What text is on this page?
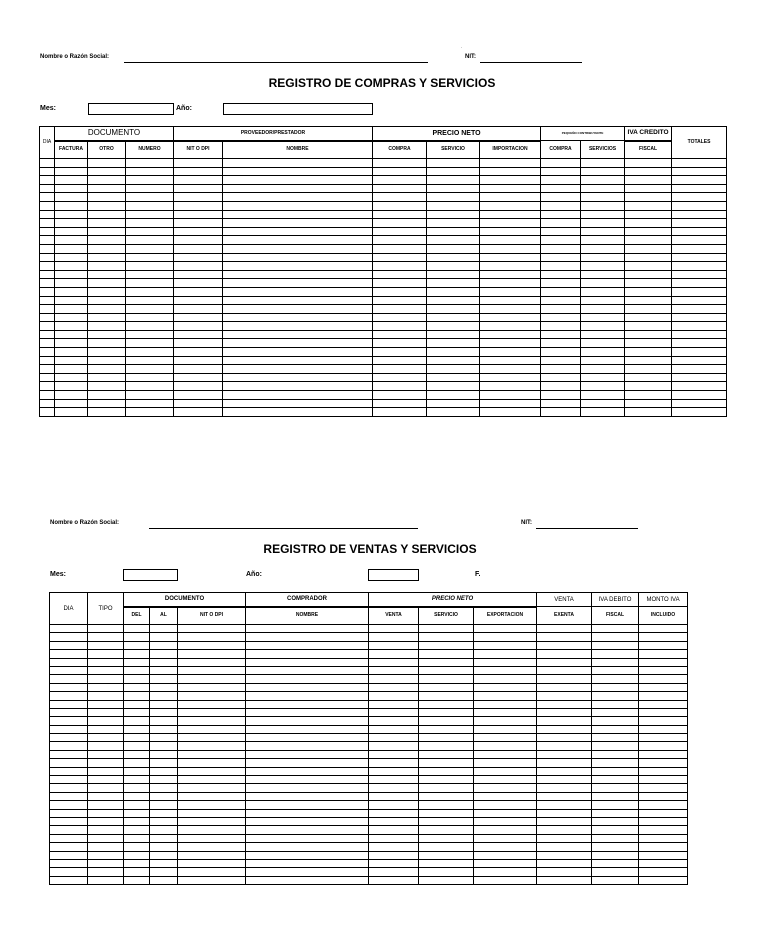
Nombre o Razón Social:
·
NIT:
REGISTRO DE COMPRAS Y SERVICIOS
Mes:	Año:
DIA	DOCUMENTO			PROVEEDOR/PRESTADOR		PRECIO NETO			PEQUEÑO CONTRIBUYENTE		IVA CREDITO	TOTALES
	FACTURA	OTRO	NUMERO	NIT O DPI	NOMBRE	COMPRA	SERVICIO	IMPORTACION	COMPRA	SERVICIOS	FISCAL	

Nombre o Razón Social:	NIT:
REGISTRO DE VENTAS Y SERVICIOS
Mes:	Año:	F.
DIA	TIPO	DOCUMENTO			COMPRADOR	PRECIO NETO			VENTA	IVA DEBITO	MONTO IVA
		DEL	AL	NIT O DPI	NOMBRE	VENTA	SERVICIO	EXPORTACION	EXENTA	FISCAL	INCLUIDO
